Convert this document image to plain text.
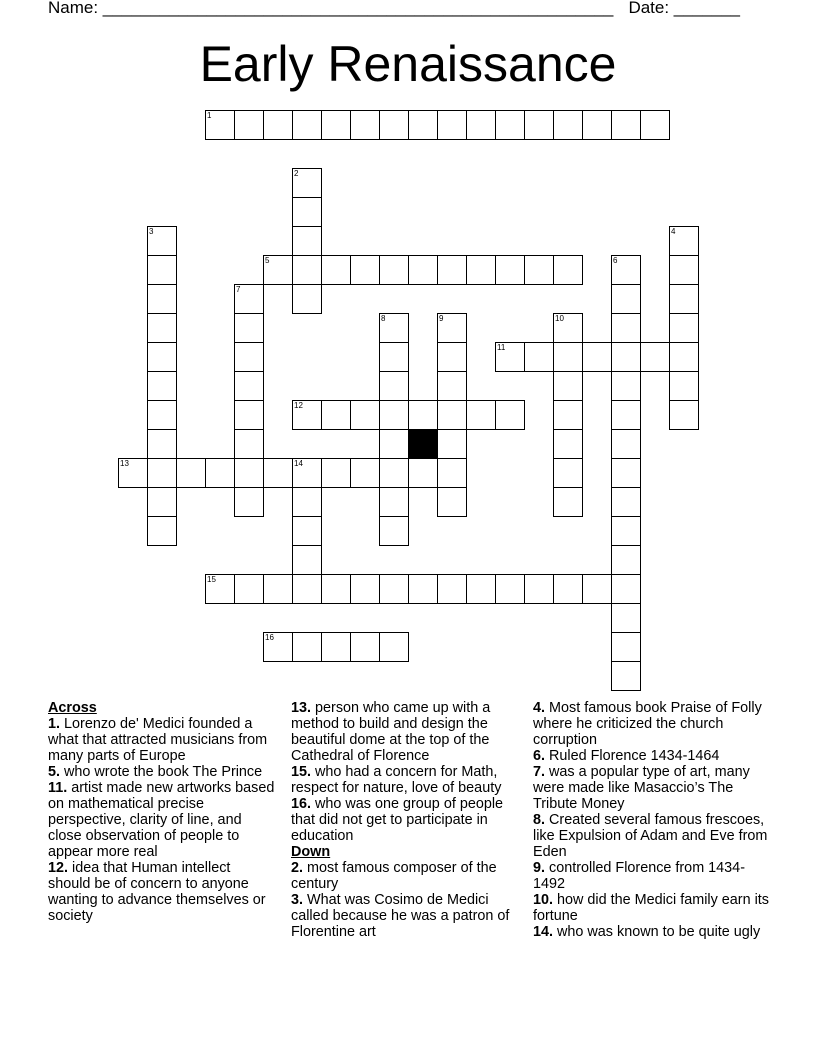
Name: ______________________________________________________ Date: _______
Early Renaissance
1
2
3	4
5	6
7
8	9	10
11
12
13	14
15
16
Across
1. Lorenzo de' Medici founded a what that attracted musicians from many parts of Europe
5. who wrote the book The Prince
11. artist made new artworks based on mathematical precise perspective, clarity of line, and close observation of people to appear more real
12. idea that Human intellect should be of concern to anyone wanting to advance themselves or society
13. person who came up with a method to build and design the beautiful dome at the top of the Cathedral of Florence
15. who had a concern for Math, respect for nature, love of beauty
16. who was one group of people that did not get to participate in education
Down
2. most famous composer of the century
3. What was Cosimo de Medici called because he was a patron of Florentine art
4. Most famous book Praise of Folly where he criticized the church corruption
6. Ruled Florence 1434-1464
7. was a popular type of art, many were made like Masaccio’s The Tribute Money
8. Created several famous frescoes, like Expulsion of Adam and Eve from Eden
9. controlled Florence from 1434-1492
10. how did the Medici family earn its fortune
14. who was known to be quite ugly
